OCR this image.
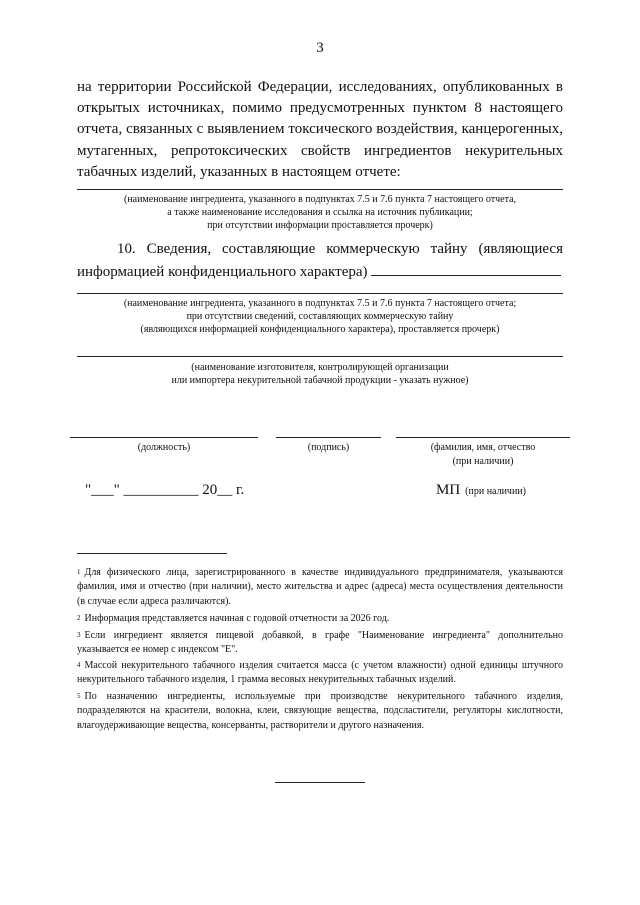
3
на территории Российской Федерации, исследованиях, опубликованных в открытых источниках, помимо предусмотренных пунктом 8 настоящего отчета, связанных с выявлением токсического воздействия, канцерогенных, мутагенных, репротоксических свойств ингредиентов некурительных табачных изделий, указанных в настоящем отчете:
(наименование ингредиента, указанного в подпунктах 7.5 и 7.6 пункта 7 настоящего отчета,
а также наименование исследования и ссылка на источник публикации;
при отсутствии информации проставляется прочерк)
10. Сведения, составляющие коммерческую тайну (являющиеся информацией конфиденциального характера)
(наименование ингредиента, указанного в подпунктах 7.5 и 7.6 пункта 7 настоящего отчета;
при отсутствии сведений, составляющих коммерческую тайну
(являющихся информацией конфиденциального характера), проставляется прочерк)
(наименование изготовителя, контролирующей организации
или импортера некурительной табачной продукции - указать нужное)
(должность)	(подпись)	(фамилия, имя, отчество
(при наличии)
"___" __________ 20__ г.	МП (при наличии)
$^1$ Для физического лица, зарегистрированного в качестве индивидуального предпринимателя, указываются фамилия, имя и отчество (при наличии), место жительства и адрес (адреса) места осуществления деятельности (в случае если адреса различаются).
$^2$ Информация представляется начиная с годовой отчетности за 2026 год.
$^3$ Если ингредиент является пищевой добавкой, в графе "Наименование ингредиента" дополнительно указывается ее номер с индексом "Е".
$^4$ Массой некурительного табачного изделия считается масса (с учетом влажности) одной единицы штучного некурительного табачного изделия, 1 грамма весовых некурительных табачных изделий.
$^5$ По назначению ингредиенты, используемые при производстве некурительного табачного изделия, подразделяются на красители, волокна, клеи, связующие вещества, подсластители, регуляторы кислотности, влагоудерживающие вещества, консерванты, растворители и другого назначения.
